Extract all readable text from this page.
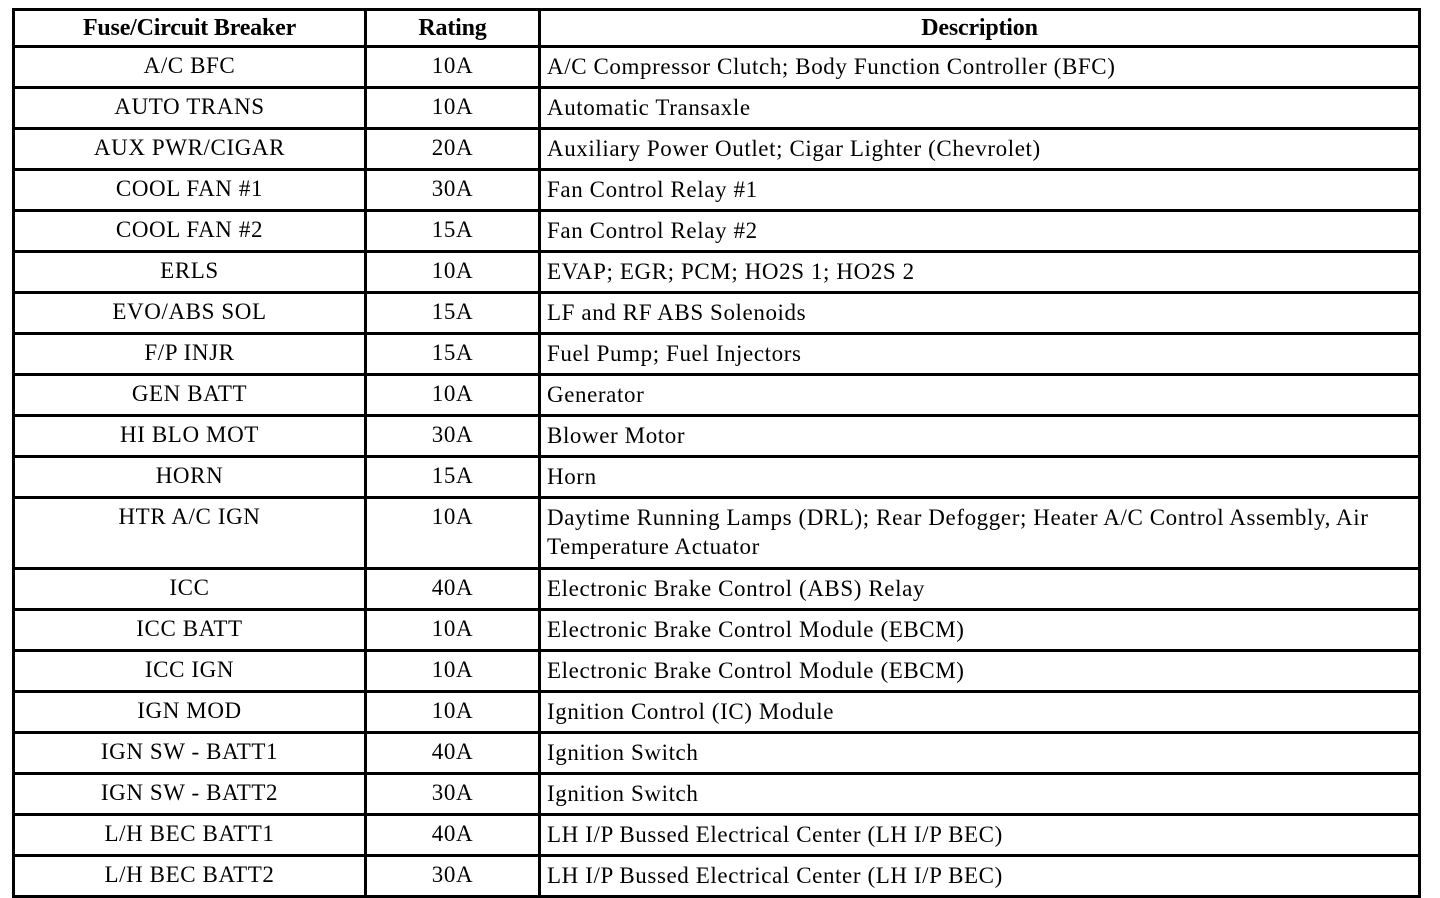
Fuse/Circuit Breaker	Rating	Description
A/C BFC	10A	A/C Compressor Clutch; Body Function Controller (BFC)
AUTO TRANS	10A	Automatic Transaxle
AUX PWR/CIGAR	20A	Auxiliary Power Outlet; Cigar Lighter (Chevrolet)
COOL FAN #1	30A	Fan Control Relay #1
COOL FAN #2	15A	Fan Control Relay #2
ERLS	10A	EVAP; EGR; PCM; HO2S 1; HO2S 2
EVO/ABS SOL	15A	LF and RF ABS Solenoids
F/P INJR	15A	Fuel Pump; Fuel Injectors
GEN BATT	10A	Generator
HI BLO MOT	30A	Blower Motor
HORN	15A	Horn
HTR A/C IGN	10A	Daytime Running Lamps (DRL); Rear Defogger; Heater A/C Control Assembly, Air Temperature Actuator
ICC	40A	Electronic Brake Control (ABS) Relay
ICC BATT	10A	Electronic Brake Control Module (EBCM)
ICC IGN	10A	Electronic Brake Control Module (EBCM)
IGN MOD	10A	Ignition Control (IC) Module
IGN SW - BATT1	40A	Ignition Switch
IGN SW - BATT2	30A	Ignition Switch
L/H BEC BATT1	40A	LH I/P Bussed Electrical Center (LH I/P BEC)
L/H BEC BATT2	30A	LH I/P Bussed Electrical Center (LH I/P BEC)
